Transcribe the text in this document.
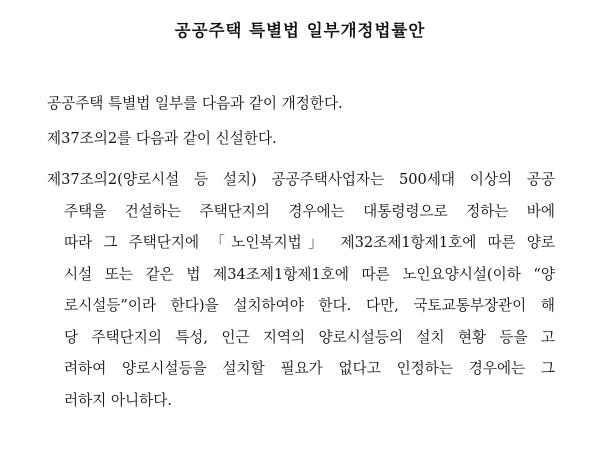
공공주택 특별법 일부개정법률안
공공주택 특별법 일부를 다음과 같이 개정한다.
제37조의2를 다음과 같이 신설한다.
제37조의2(양로시설 등 설치) 공공주택사업자는 500세대 이상의 공공
주택을 건설하는 주택단지의 경우에는 대통령령으로 정하는 바에
따라 그 주택단지에 「노인복지법」 제32조제1항제1호에 따른 양로
시설 또는 같은 법 제34조제1항제1호에 따른 노인요양시설(이하 “양
로시설등”이라 한다)을 설치하여야 한다. 다만, 국토교통부장관이 해
당 주택단지의 특성, 인근 지역의 양로시설등의 설치 현황 등을 고
려하여 양로시설등을 설치할 필요가 없다고 인정하는 경우에는 그
러하지 아니하다.
